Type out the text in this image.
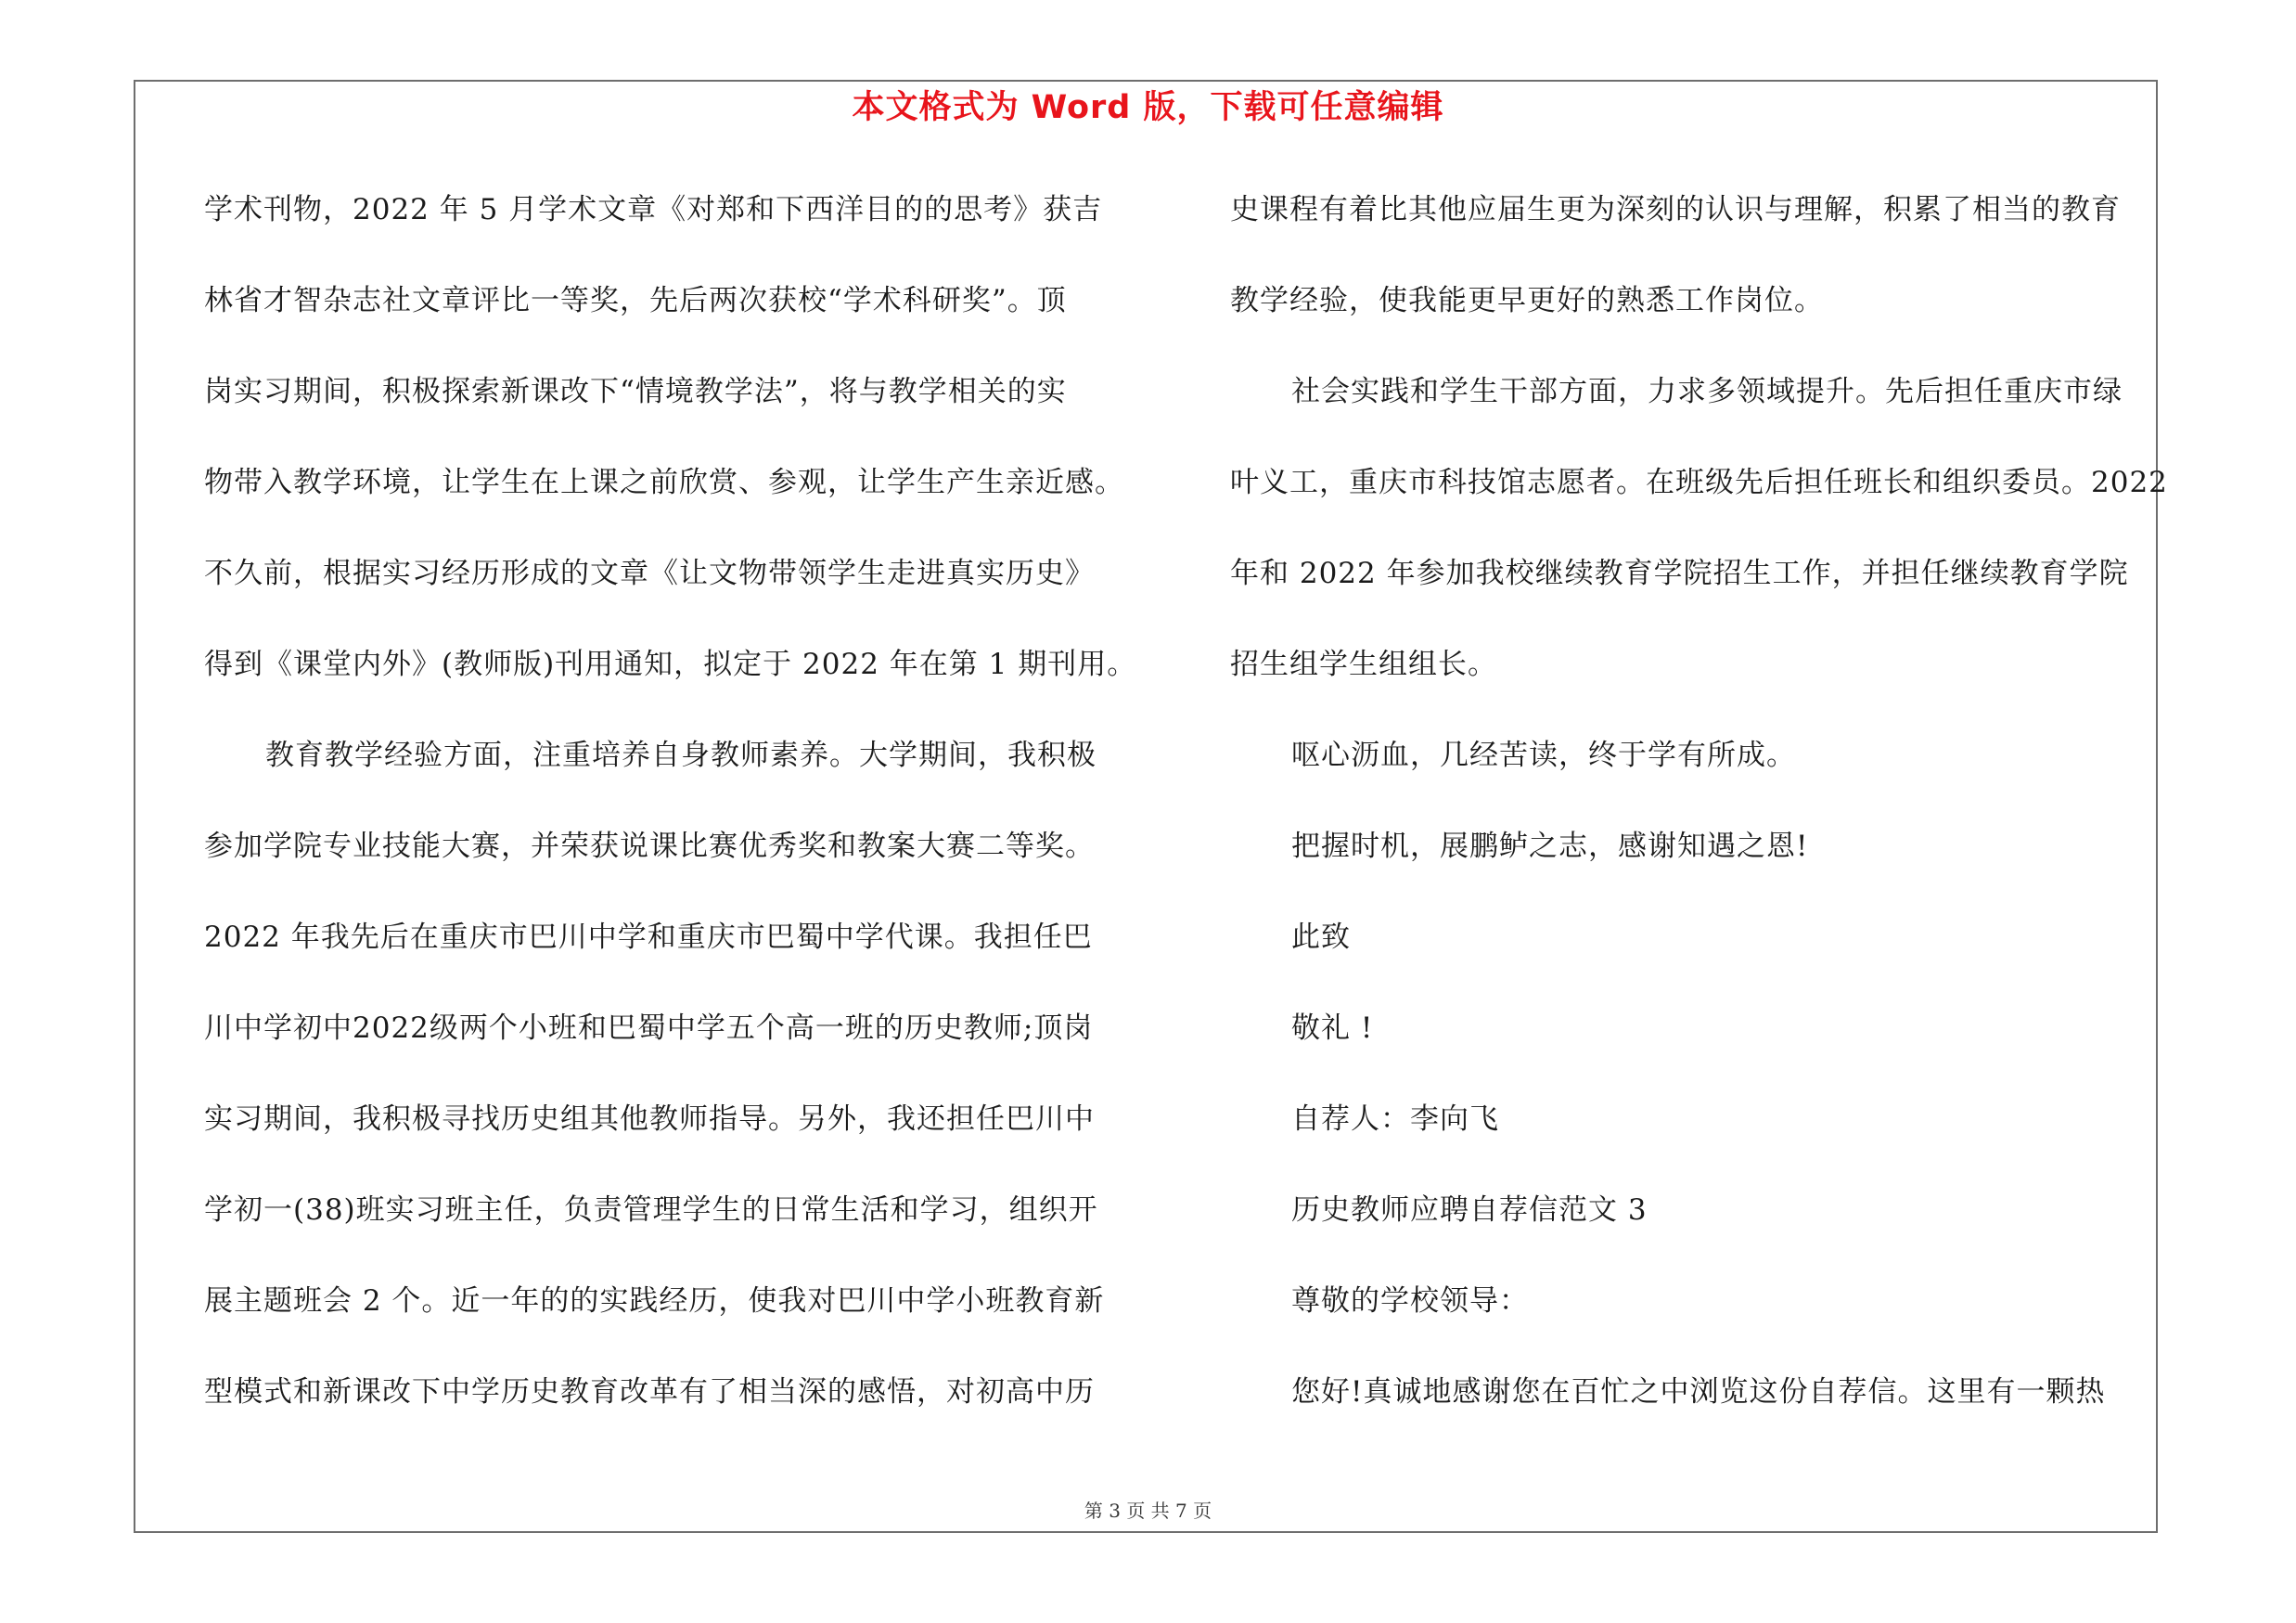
本文格式为 Word 版，下载可任意编辑
学术刊物，2022 年 5 月学术文章《对郑和下西洋目的的思考》获吉
林省才智杂志社文章评比一等奖，先后两次获校“学术科研奖”。顶
岗实习期间，积极探索新课改下“情境教学法”，将与教学相关的实
物带入教学环境，让学生在上课之前欣赏、参观，让学生产生亲近感。
不久前，根据实习经历形成的文章《让文物带领学生走进真实历史》
得到《课堂内外》(教师版)刊用通知，拟定于 2022 年在第 1 期刊用。
教育教学经验方面，注重培养自身教师素养。大学期间，我积极
参加学院专业技能大赛，并荣获说课比赛优秀奖和教案大赛二等奖。
2022 年我先后在重庆市巴川中学和重庆市巴蜀中学代课。我担任巴
川中学初中2022级两个小班和巴蜀中学五个高一班的历史教师;顶岗
实习期间，我积极寻找历史组其他教师指导。另外，我还担任巴川中
学初一(38)班实习班主任，负责管理学生的日常生活和学习，组织开
展主题班会 2 个。近一年的的实践经历，使我对巴川中学小班教育新
型模式和新课改下中学历史教育改革有了相当深的感悟，对初高中历
史课程有着比其他应届生更为深刻的认识与理解，积累了相当的教育
教学经验，使我能更早更好的熟悉工作岗位。
社会实践和学生干部方面，力求多领域提升。先后担任重庆市绿
叶义工，重庆市科技馆志愿者。在班级先后担任班长和组织委员。2022
年和 2022 年参加我校继续教育学院招生工作，并担任继续教育学院
招生组学生组组长。
呕心沥血，几经苦读，终于学有所成。
把握时机，展鹏鲈之志，感谢知遇之恩!
此致
敬礼 !
自荐人：李向飞
历史教师应聘自荐信范文 3
尊敬的学校领导：
您好!真诚地感谢您在百忙之中浏览这份自荐信。这里有一颗热
第 3 页 共 7 页
